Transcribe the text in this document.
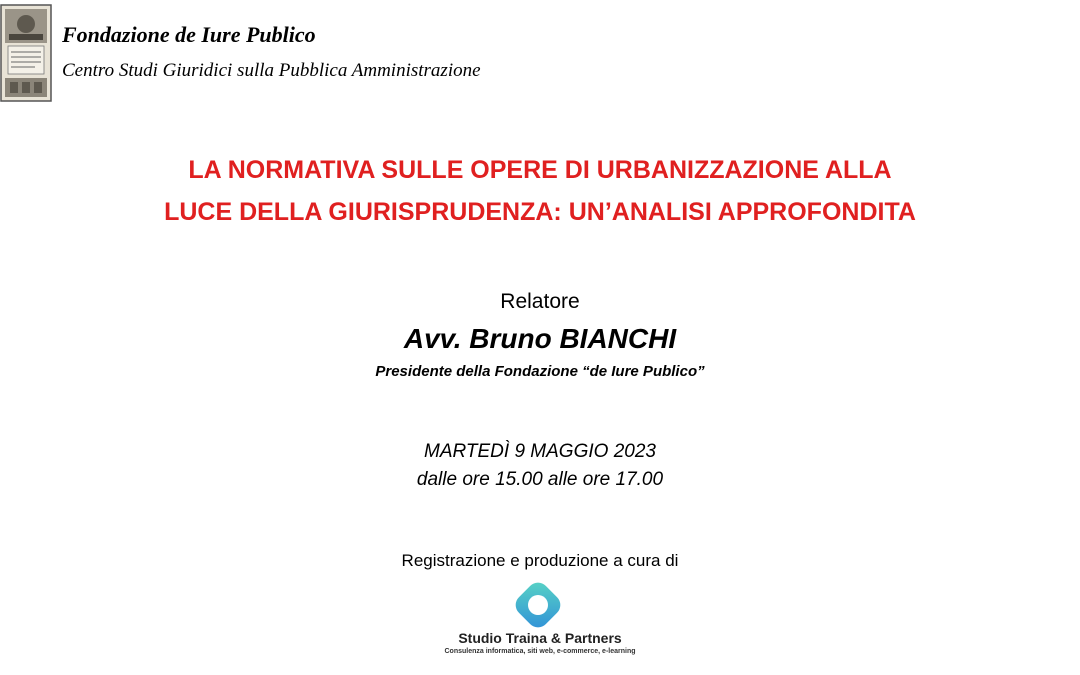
Fondazione de Iure Publico
Centro Studi Giuridici sulla Pubblica Amministrazione
LA NORMATIVA SULLE OPERE DI URBANIZZAZIONE ALLA
LUCE DELLA GIURISPRUDENZA: UN’ANALISI APPROFONDITA
Relatore
Avv. Bruno BIANCHI
Presidente della Fondazione “de Iure Publico”
MARTEDÌ 9 MAGGIO 2023
dalle ore 15.00 alle ore 17.00
Registrazione e produzione a cura di
Studio Traina & Partners
Consulenza informatica, siti web, e-commerce, e-learning
